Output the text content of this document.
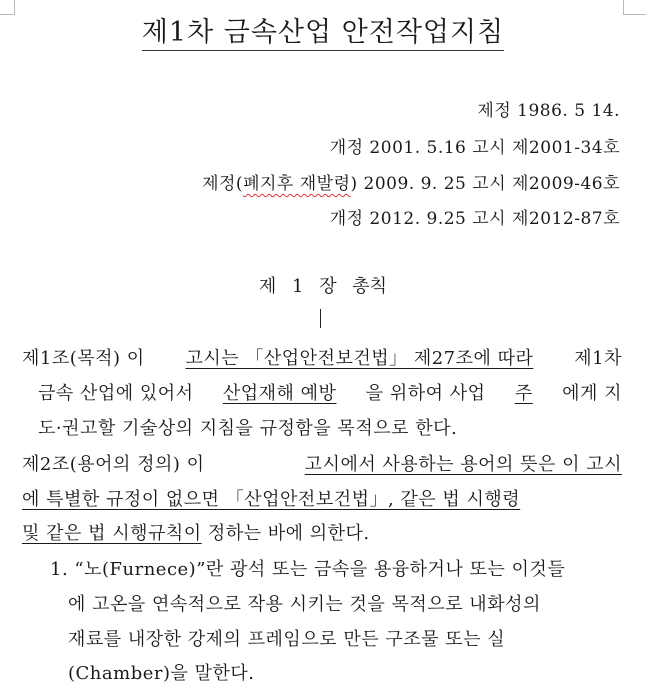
제1차 금속산업 안전작업지침
제정 1986. 5 14.
개정 2001. 5.16 고시 제2001-34호
제정(폐지후 재발령) 2009. 9. 25 고시 제2009-46호
개정 2012. 9.25 고시 제2012-87호
제 1 장 총칙
제1조(목적) 이 고시는 「산업안전보건법」 제27조에 따라 제1차
금속 산업에 있어서 산업재해 예방 을 위하여 사업 주 에게 지
도·권고할 기술상의 지침을 규정함을 목적으로 한다.
제2조(용어의 정의) 이	고시에서 사용하는 용어의 뜻은 이 고시
에 특별한 규정이 없으면 「산업안전보건법」, 같은 법 시행령
및 같은 법 시행규칙이 정하는 바에 의한다.
1. “노(Furnece)”란 광석 또는 금속을 용융하거나 또는 이것들
에 고온을 연속적으로 작용 시키는 것을 목적으로 내화성의
재료를 내장한 강제의 프레임으로 만든 구조물 또는 실
(Chamber)을 말한다.
